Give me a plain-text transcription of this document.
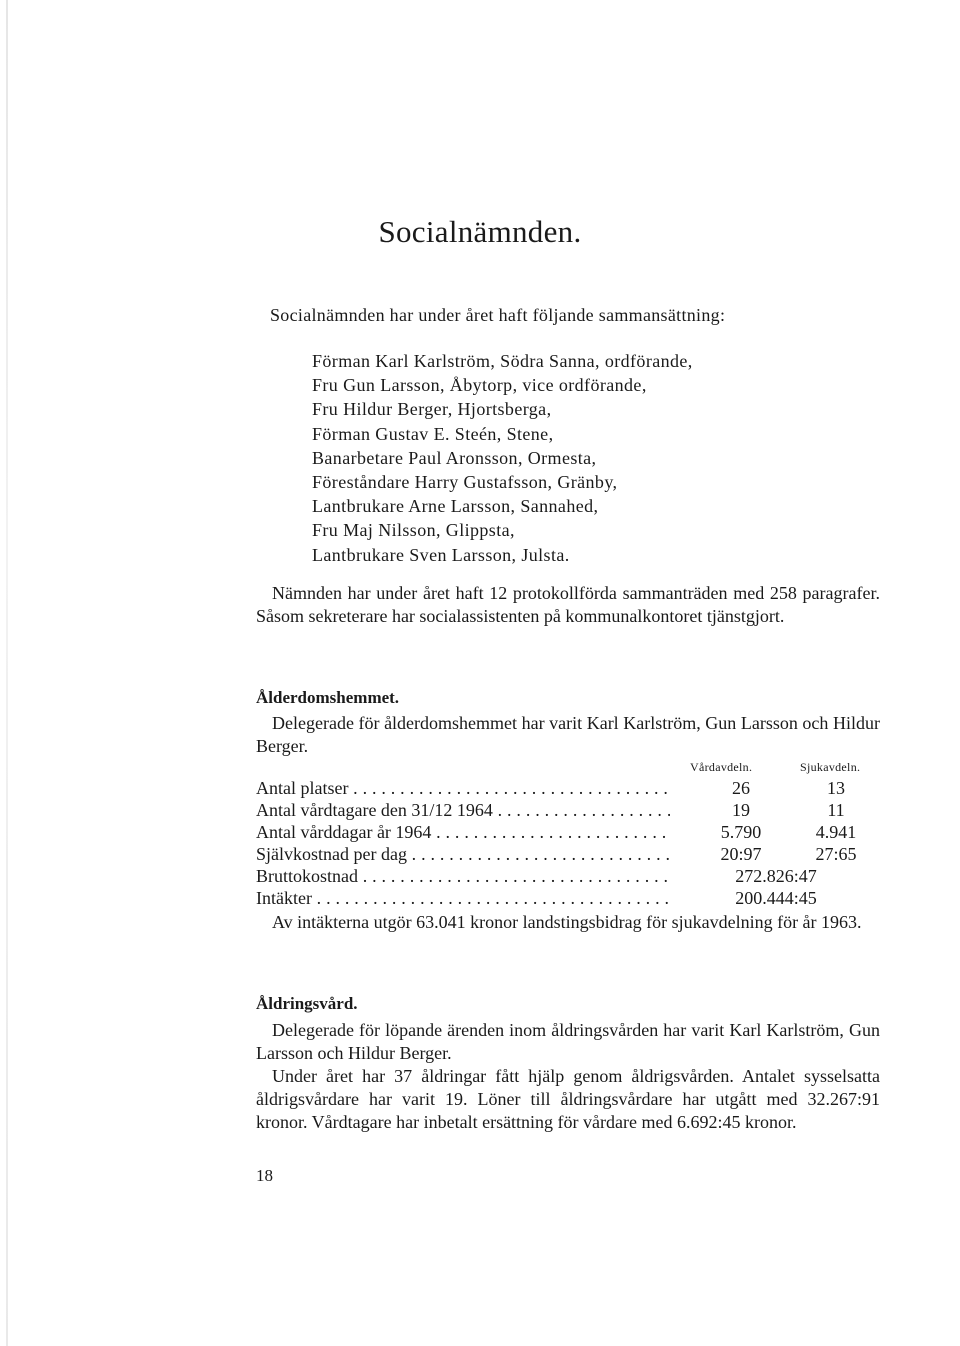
Socialnämnden.
Socialnämnden har under året haft följande sammansättning:
Förman Karl Karlström, Södra Sanna, ordförande,
Fru Gun Larsson, Åbytorp, vice ordförande,
Fru Hildur Berger, Hjortsberga,
Förman Gustav E. Steén, Stene,
Banarbetare Paul Aronsson, Ormesta,
Föreståndare Harry Gustafsson, Gränby,
Lantbrukare Arne Larsson, Sannahed,
Fru Maj Nilsson, Glippsta,
Lantbrukare Sven Larsson, Julsta.
Nämnden har under året haft 12 protokollförda sammanträden med 258 paragrafer. Såsom sekreterare har socialassistenten på kommunalkontoret tjänstgjort.
Ålderdomshemmet.
Delegerade för ålderdomshemmet har varit Karl Karlström, Gun Larsson och Hildur Berger.
Vårdavdeln.	Sjukavdeln.
Antal platser . . .	26	13
Antal vårdtagare den 31/12 1964 . . .	19	11
Antal vårddagar år 1964 . . .	5.790	4.941
Självkostnad per dag . . .	20:97	27:65
Bruttokostnad . . .	272.826:47
Intäkter . . .	200.444:45
Av intäkterna utgör 63.041 kronor landstingsbidrag för sjukavdelning för år 1963.
Åldringsvård.
Delegerade för löpande ärenden inom åldringsvården har varit Karl Karlström, Gun Larsson och Hildur Berger.
Under året har 37 åldringar fått hjälp genom åldrigsvården. Antalet sysselsatta åldrigsvårdare har varit 19. Löner till åldringsvårdare har utgått med 32.267:91 kronor. Vårdtagare har inbetalt ersättning för vårdare med 6.692:45 kronor.
18
